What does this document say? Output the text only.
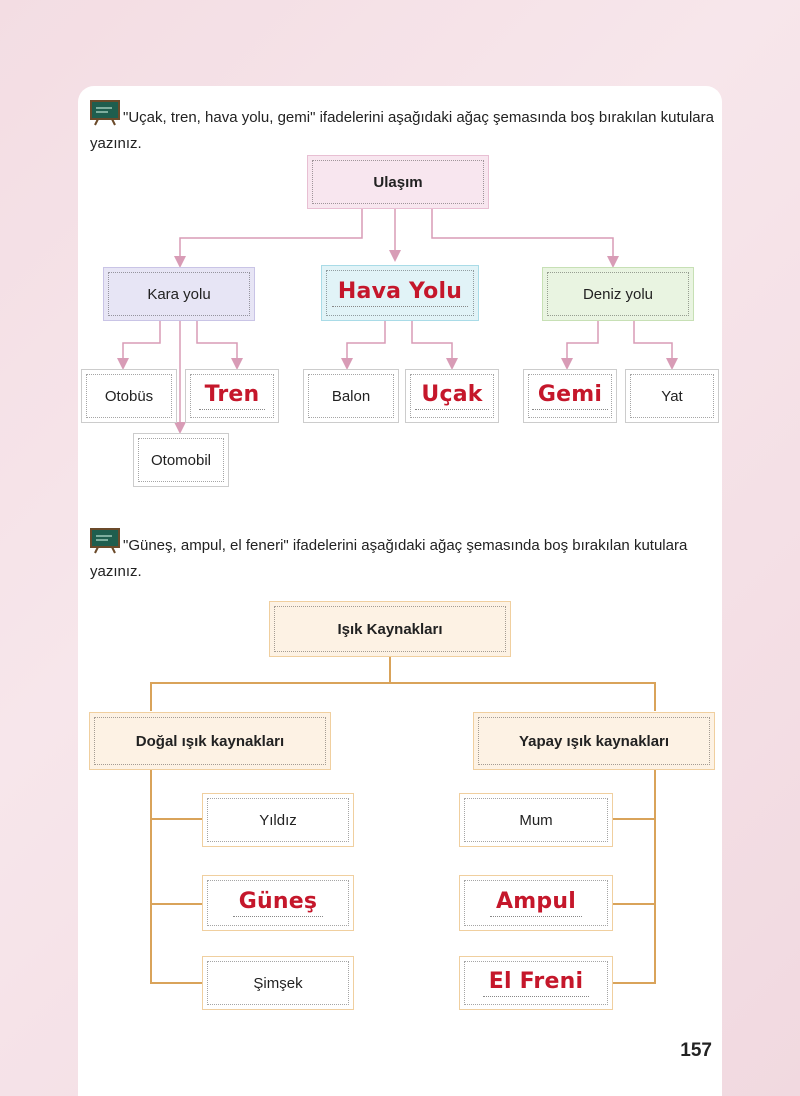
"Uçak, tren, hava yolu, gemi" ifadelerini aşağıdaki ağaç şemasında boş bırakılan kutulara yazınız.
Ulaşım
Kara yolu	Hava Yolu	Deniz yolu
Otobüs Tren
Otomobil
Balon Uçak	Gemi	Yat
"Güneş, ampul, el feneri" ifadelerini aşağıdaki ağaç şemasında boş bırakılan kutulara yazınız.
Işık Kaynakları
Doğal ışık kaynakları	Yapay ışık kaynakları
Yıldız
Güneş
Şimşek
Mum
Ampul
El Freni
157
